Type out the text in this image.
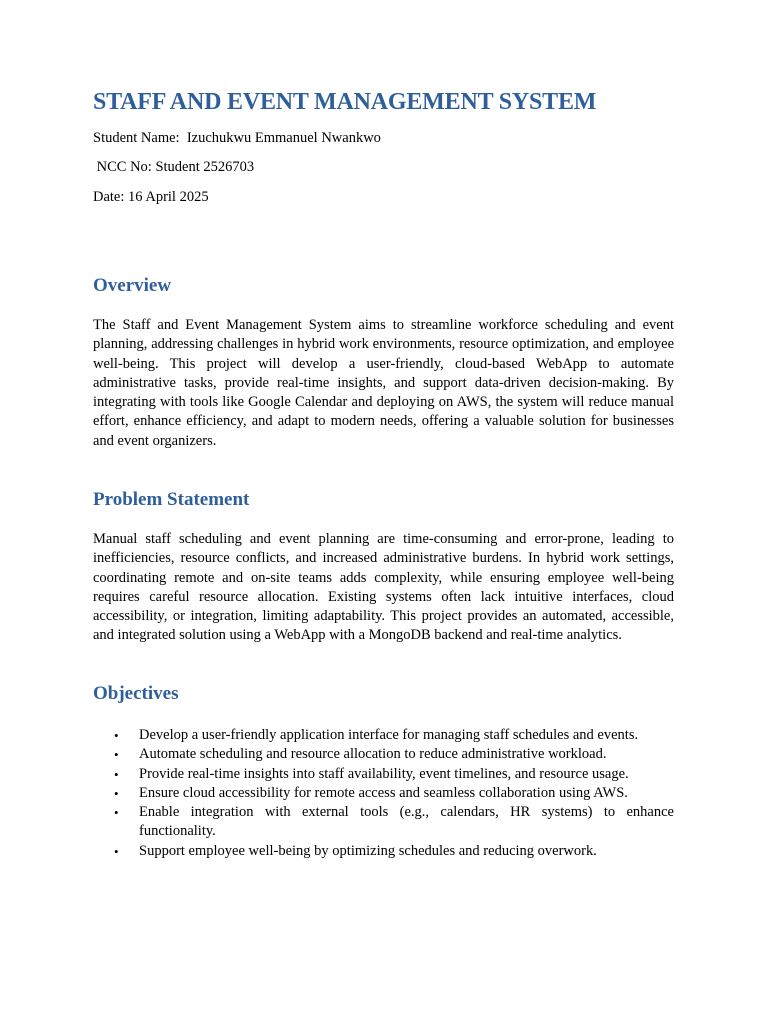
STAFF AND EVENT MANAGEMENT SYSTEM

Student Name:  Izuchukwu Emmanuel Nwankwo

NCC No: Student 2526703

Date: 16 April 2025

Overview

The Staff and Event Management System aims to streamline workforce scheduling and event planning, addressing challenges in hybrid work environments, resource optimization, and employee well-being. This project will develop a user-friendly, cloud-based WebApp to automate administrative tasks, provide real-time insights, and support data-driven decision-making. By integrating with tools like Google Calendar and deploying on AWS, the system will reduce manual effort, enhance efficiency, and adapt to modern needs, offering a valuable solution for businesses and event organizers.

Problem Statement

Manual staff scheduling and event planning are time-consuming and error-prone, leading to inefficiencies, resource conflicts, and increased administrative burdens. In hybrid work settings, coordinating remote and on-site teams adds complexity, while ensuring employee well-being requires careful resource allocation. Existing systems often lack intuitive interfaces, cloud accessibility, or integration, limiting adaptability. This project provides an automated, accessible, and integrated solution using a WebApp with a MongoDB backend and real-time analytics.

Objectives
• Develop a user-friendly application interface for managing staff schedules and events.
• Automate scheduling and resource allocation to reduce administrative workload.
• Provide real-time insights into staff availability, event timelines, and resource usage.
• Ensure cloud accessibility for remote access and seamless collaboration using AWS.
• Enable integration with external tools (e.g., calendars, HR systems) to enhance functionality.
• Support employee well-being by optimizing schedules and reducing overwork.
